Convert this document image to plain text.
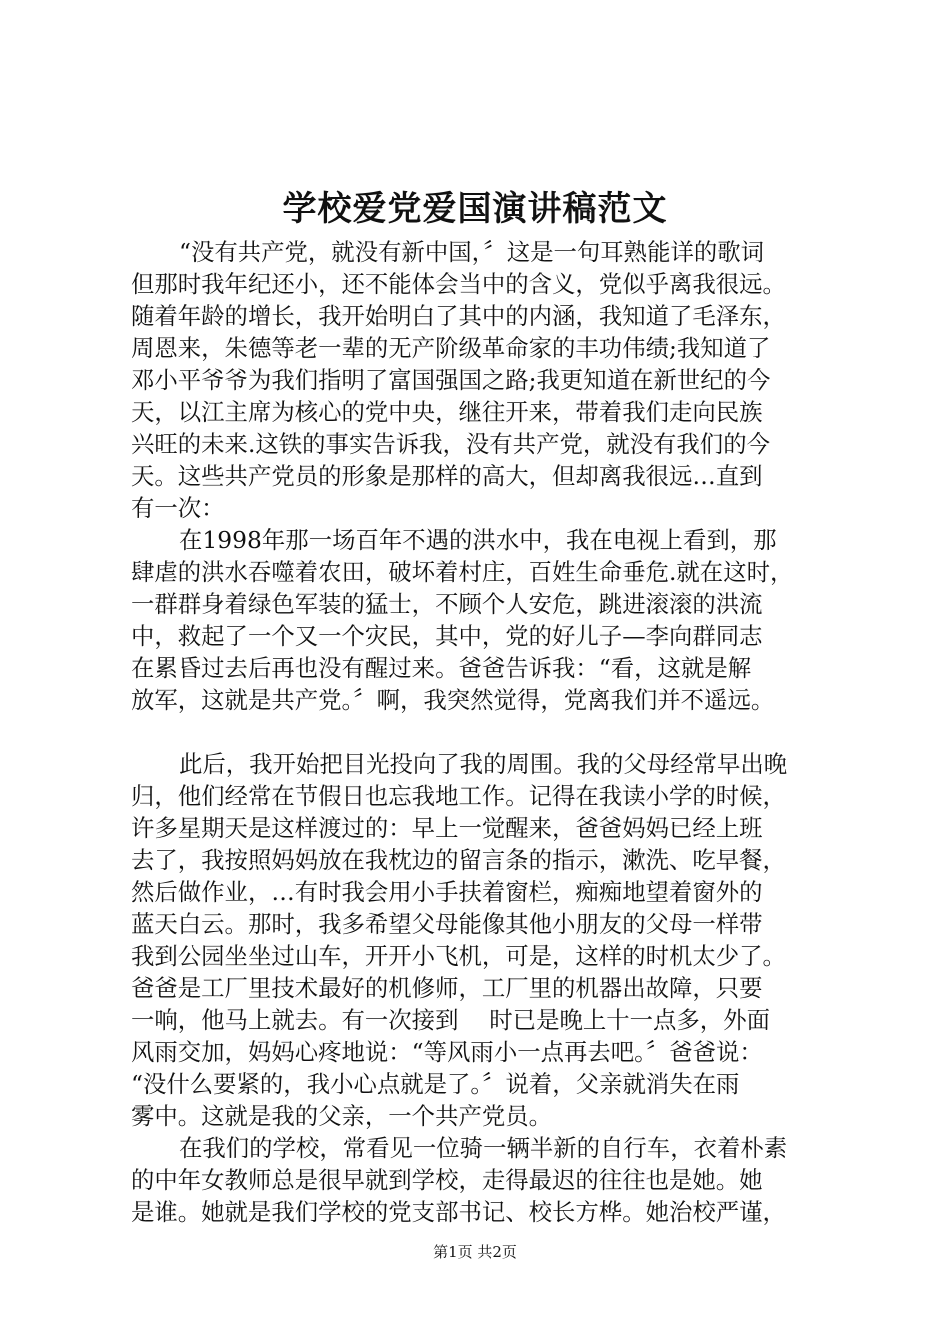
学校爱党爱国演讲稿范文
“没有共产党，就没有新中国，〞这是一句耳熟能详的歌词
但那时我年纪还小，还不能体会当中的含义，党似乎离我很远。
随着年龄的增长，我开始明白了其中的内涵，我知道了毛泽东，
周恩来，朱德等老一辈的无产阶级革命家的丰功伟绩;我知道了
邓小平爷爷为我们指明了富国强国之路;我更知道在新世纪的今
天，以江主席为核心的党中央，继往开来，带着我们走向民族
兴旺的未来.这铁的事实告诉我，没有共产党，就没有我们的今
天。这些共产党员的形象是那样的高大，但却离我很远…直到
有一次：
在1998年那一场百年不遇的洪水中，我在电视上看到，那
肆虐的洪水吞噬着农田，破坏着村庄，百姓生命垂危.就在这时，
一群群身着绿色军装的猛士，不顾个人安危，跳进滚滚的洪流
中，救起了一个又一个灾民，其中，党的好儿子—李向群同志
在累昏过去后再也没有醒过来。爸爸告诉我：“看，这就是解
放军，这就是共产党。〞啊，我突然觉得，党离我们并不遥远。
此后，我开始把目光投向了我的周围。我的父母经常早出晚
归，他们经常在节假日也忘我地工作。记得在我读小学的时候，
许多星期天是这样渡过的：早上一觉醒来，爸爸妈妈已经上班
去了，我按照妈妈放在我枕边的留言条的指示，漱洗、吃早餐，
然后做作业，…有时我会用小手扶着窗栏，痴痴地望着窗外的
蓝天白云。那时，我多希望父母能像其他小朋友的父母一样带
我到公园坐坐过山车，开开小飞机，可是，这样的时机太少了。
爸爸是工厂里技术最好的机修师，工厂里的机器出故障，只要
一响，他马上就去。有一次接到　 时已是晚上十一点多，外面
风雨交加，妈妈心疼地说：“等风雨小一点再去吧。〞爸爸说：
“没什么要紧的，我小心点就是了。〞说着，父亲就消失在雨
雾中。这就是我的父亲，一个共产党员。
在我们的学校，常看见一位骑一辆半新的自行车，衣着朴素
的中年女教师总是很早就到学校，走得最迟的往往也是她。她
是谁。她就是我们学校的党支部书记、校长方桦。她治校严谨，
第1页 共2页
